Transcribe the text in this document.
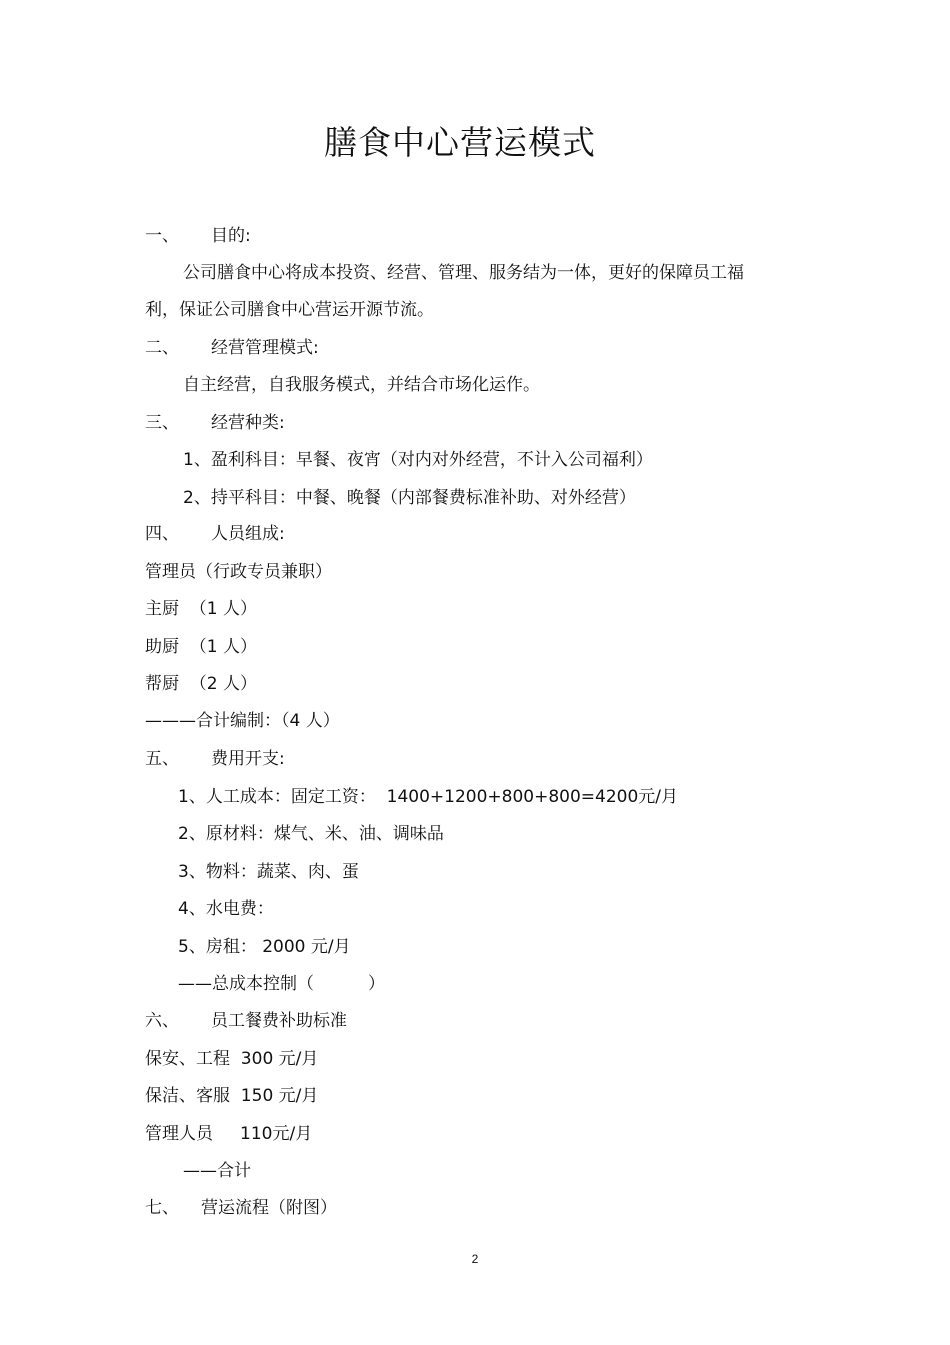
膳食中心营运模式
一、 目的:
公司膳食中心将成本投资、经营、管理、服务结为一体，更好的保障员工福
利，保证公司膳食中心营运开源节流。
二、 经营管理模式:
自主经营，自我服务模式，并结合市场化运作。
三、 经营种类:
1、盈利科目：早餐、夜宵（对内对外经营，不计入公司福利）
2、持平科目：中餐、晚餐（内部餐费标准补助、对外经营）
四、 人员组成:
管理员（行政专员兼职）
主厨  （1 人）
助厨  （1 人）
帮厨  （2 人）
———合计编制：（4 人）
五、 费用开支:
1、人工成本：固定工资：  1400+1200+800+800=4200元/月
2、原材料：煤气、米、油、调味品
3、物料：蔬菜、肉、蛋
4、水电费：
5、房租： 2000 元/月
——总成本控制（          ）
六、 员工餐费补助标准
保安、工程  300 元/月
保洁、客服  150 元/月
管理人员     110元/月
——合计
七、 营运流程（附图）
2
